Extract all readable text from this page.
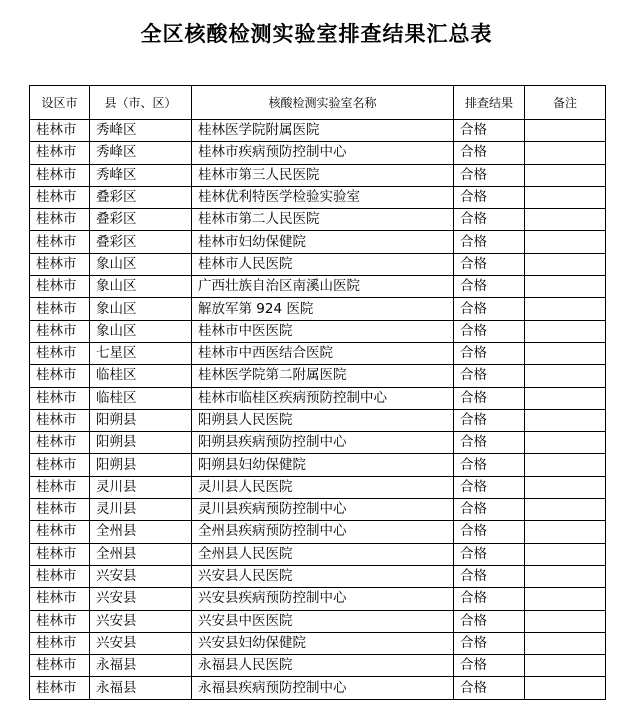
全区核酸检测实验室排查结果汇总表
设区市	县（市、区）	核酸检测实验室名称	排查结果	备注
桂林市	秀峰区	桂林医学院附属医院	合格	
桂林市	秀峰区	桂林市疾病预防控制中心	合格	
桂林市	秀峰区	桂林市第三人民医院	合格	
桂林市	叠彩区	桂林优利特医学检验实验室	合格	
桂林市	叠彩区	桂林市第二人民医院	合格	
桂林市	叠彩区	桂林市妇幼保健院	合格	
桂林市	象山区	桂林市人民医院	合格	
桂林市	象山区	广西壮族自治区南溪山医院	合格	
桂林市	象山区	解放军第 924 医院	合格	
桂林市	象山区	桂林市中医医院	合格	
桂林市	七星区	桂林市中西医结合医院	合格	
桂林市	临桂区	桂林医学院第二附属医院	合格	
桂林市	临桂区	桂林市临桂区疾病预防控制中心	合格	
桂林市	阳朔县	阳朔县人民医院	合格	
桂林市	阳朔县	阳朔县疾病预防控制中心	合格	
桂林市	阳朔县	阳朔县妇幼保健院	合格	
桂林市	灵川县	灵川县人民医院	合格	
桂林市	灵川县	灵川县疾病预防控制中心	合格	
桂林市	全州县	全州县疾病预防控制中心	合格	
桂林市	全州县	全州县人民医院	合格	
桂林市	兴安县	兴安县人民医院	合格	
桂林市	兴安县	兴安县疾病预防控制中心	合格	
桂林市	兴安县	兴安县中医医院	合格	
桂林市	兴安县	兴安县妇幼保健院	合格	
桂林市	永福县	永福县人民医院	合格	
桂林市	永福县	永福县疾病预防控制中心	合格	
